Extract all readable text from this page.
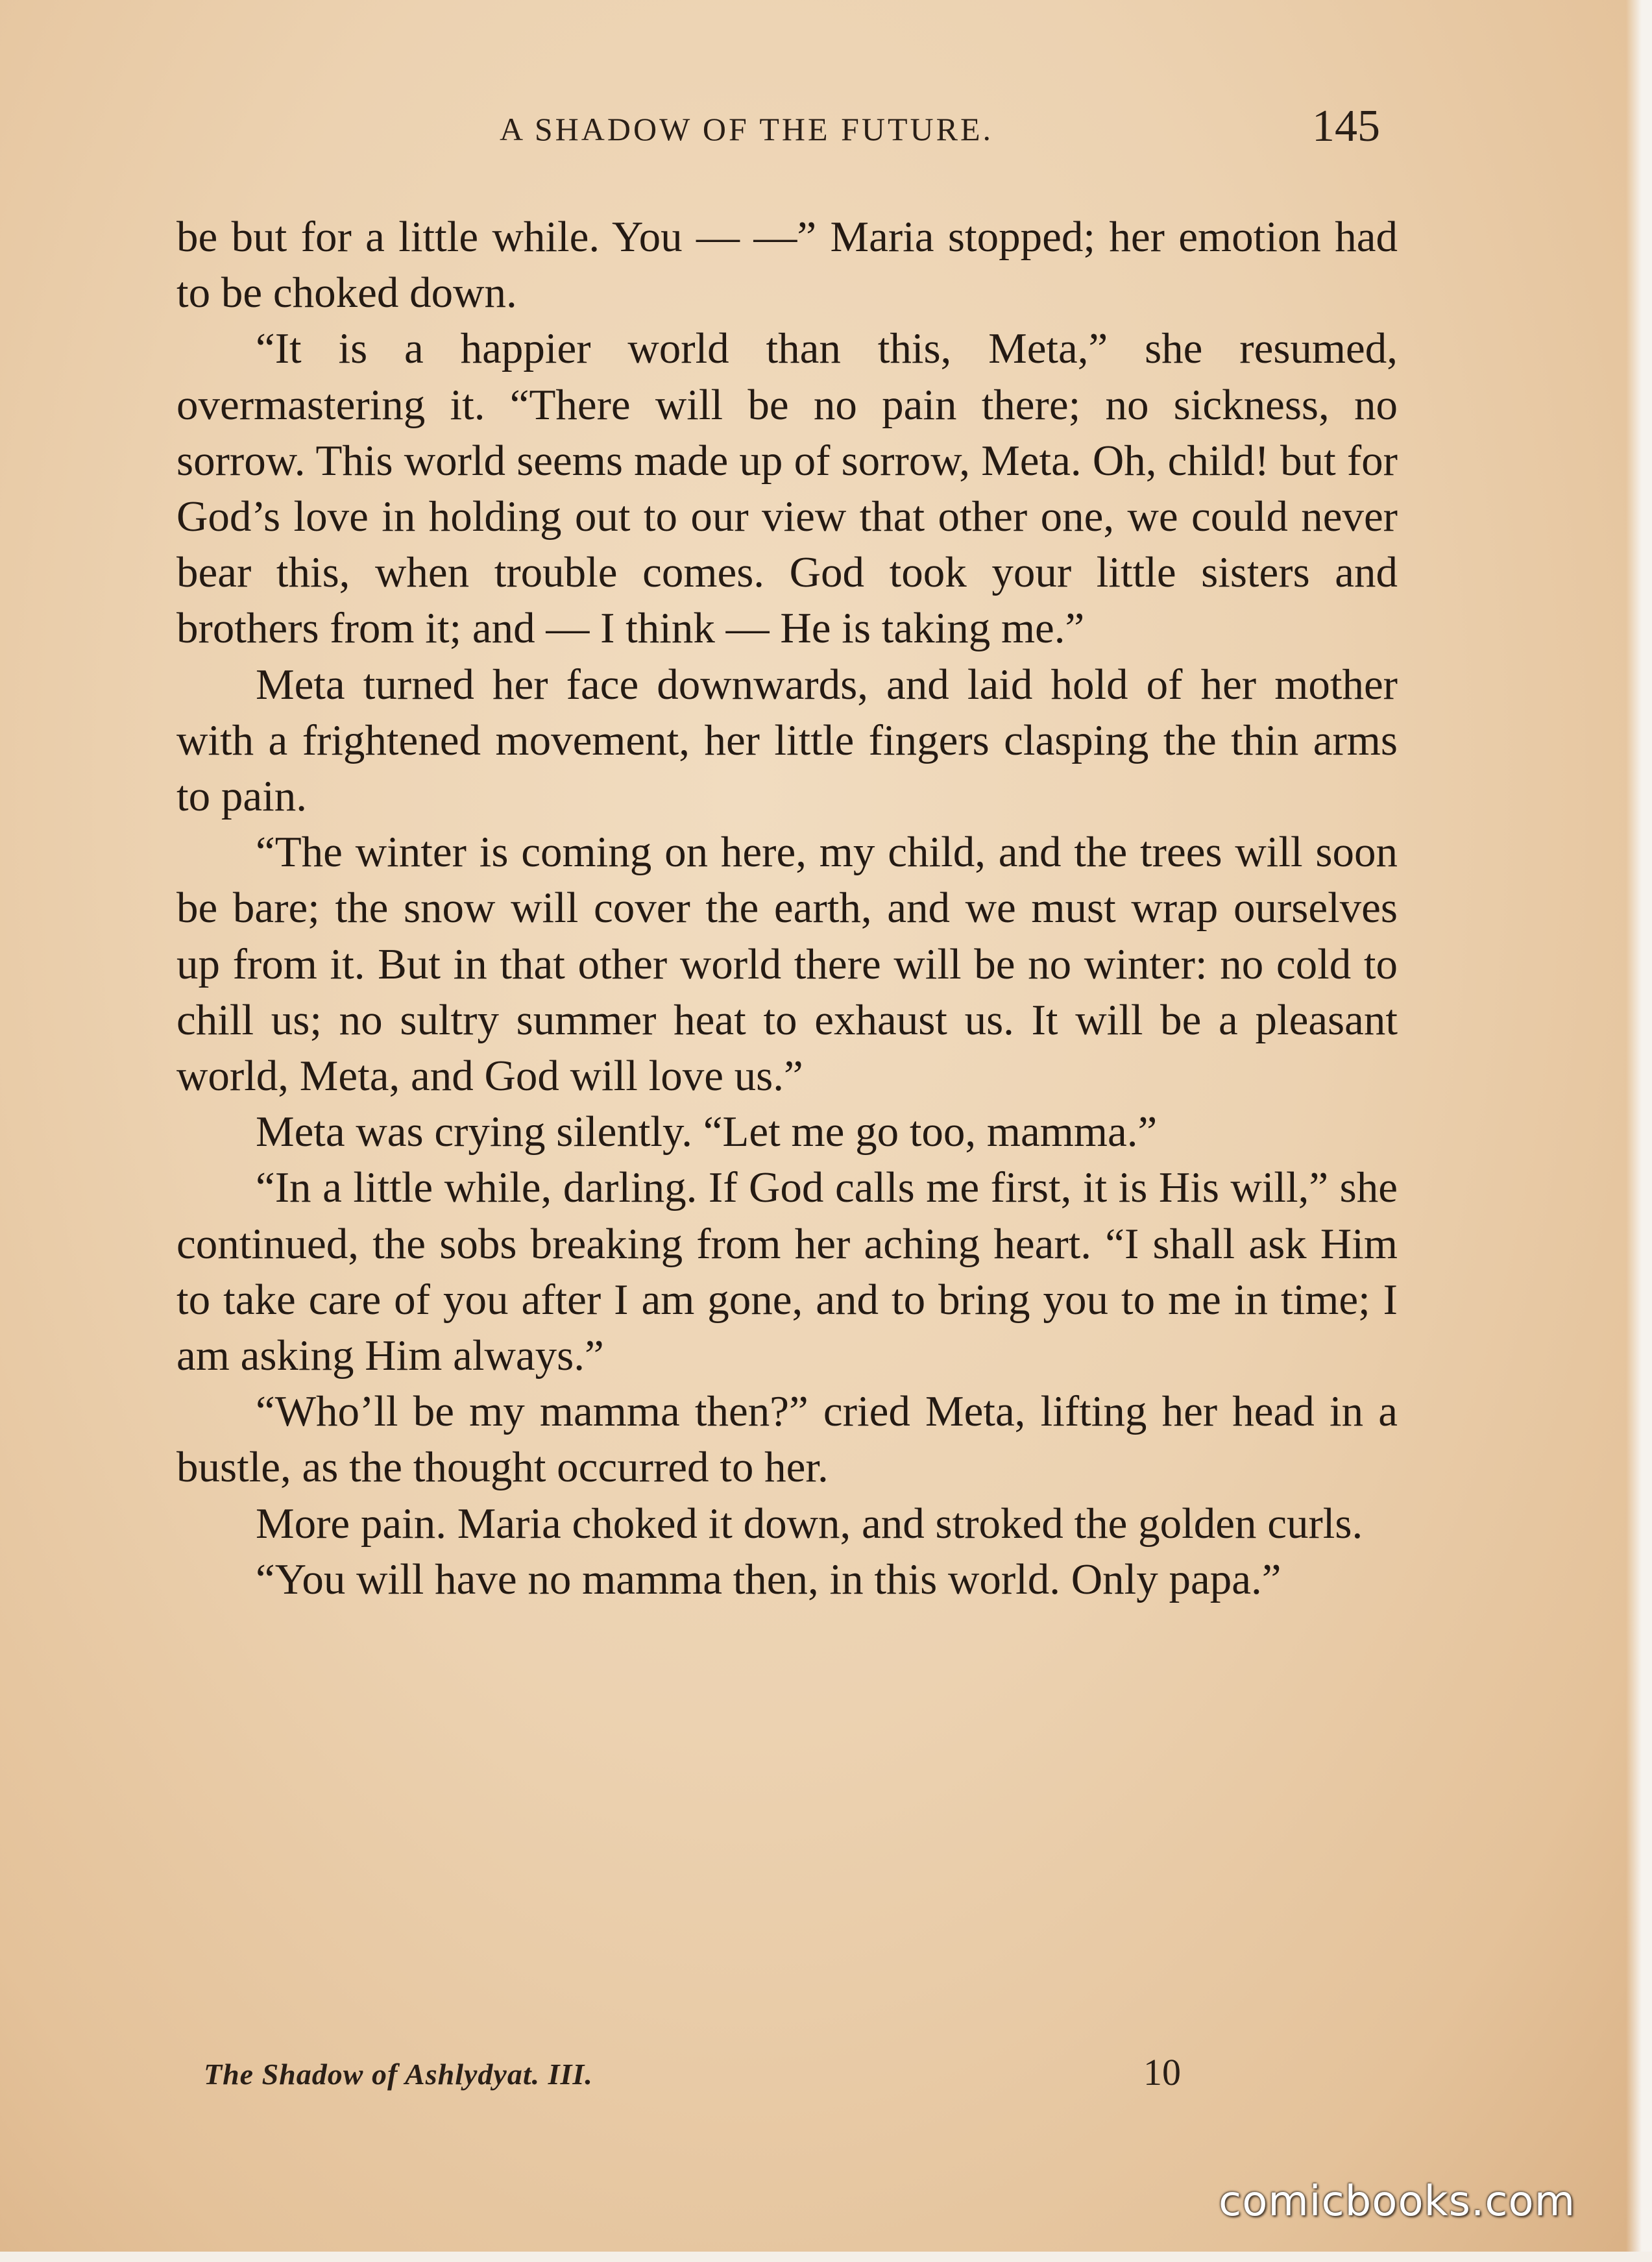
A SHADOW OF THE FUTURE.	145

be but for a little while. You — —” Maria stopped; her emotion had to be choked down.

“It is a happier world than this, Meta,” she resumed, overmastering it. “There will be no pain there; no sickness, no sorrow. This world seems made up of sorrow, Meta. Oh, child! but for God’s love in holding out to our view that other one, we could never bear this, when trouble comes. God took your little sisters and brothers from it; and — I think — He is taking me.”

Meta turned her face downwards, and laid hold of her mother with a frightened movement, her little fingers clasping the thin arms to pain.

“The winter is coming on here, my child, and the trees will soon be bare; the snow will cover the earth, and we must wrap ourselves up from it. But in that other world there will be no winter: no cold to chill us; no sultry summer heat to exhaust us. It will be a pleasant world, Meta, and God will love us.”

Meta was crying silently. “Let me go too, mamma.”

“In a little while, darling. If God calls me first, it is His will,” she continued, the sobs breaking from her aching heart. “I shall ask Him to take care of you after I am gone, and to bring you to me in time; I am asking Him always.”

“Who’ll be my mamma then?” cried Meta, lifting her head in a bustle, as the thought occurred to her.

More pain. Maria choked it down, and stroked the golden curls.

“You will have no mamma then, in this world. Only papa.”

The Shadow of Ashlydyat. III.	10
comicbooks.com
